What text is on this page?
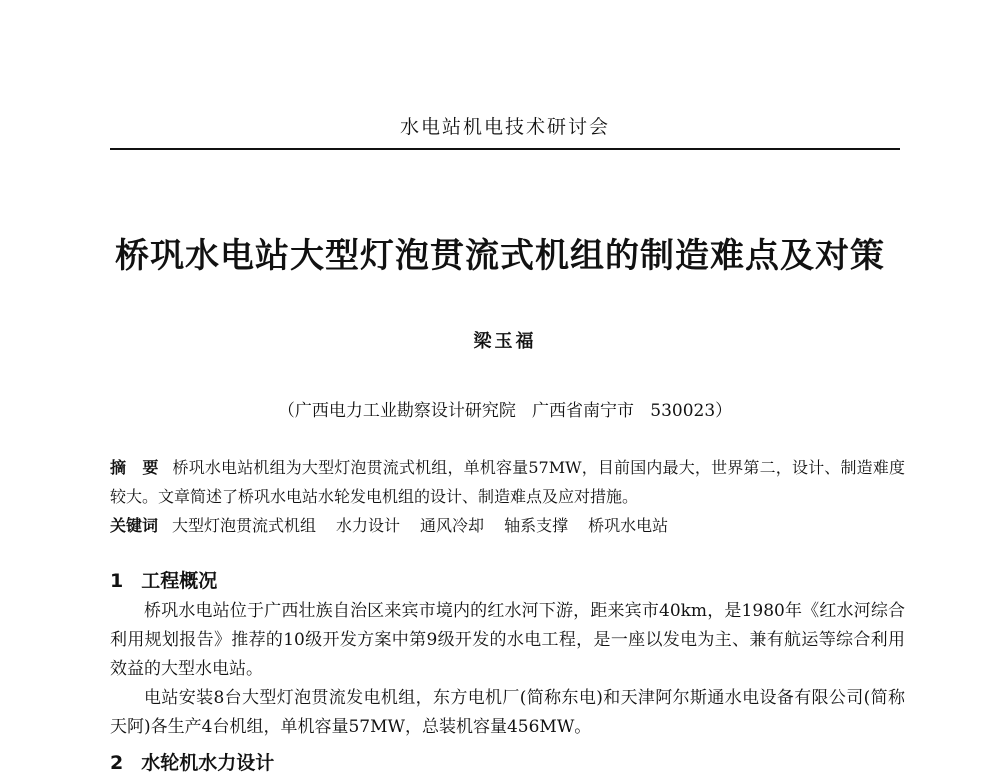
水电站机电技术研讨会
桥巩水电站大型灯泡贯流式机组的制造难点及对策
梁玉福
（广西电力工业勘察设计研究院 广西省南宁市 530023）
摘　要 桥巩水电站机组为大型灯泡贯流式机组，单机容量57MW，目前国内最大，世界第二，设计、制造难度较大。文章简述了桥巩水电站水轮发电机组的设计、制造难点及应对措施。
关键词 大型灯泡贯流式机组 水力设计 通风冷却 轴系支撑 桥巩水电站
1 工程概况
桥巩水电站位于广西壮族自治区来宾市境内的红水河下游，距来宾市40km，是1980年《红水河综合利用规划报告》推荐的10级开发方案中第9级开发的水电工程，是一座以发电为主、兼有航运等综合利用效益的大型水电站。
电站安装8台大型灯泡贯流发电机组，东方电机厂(简称东电)和天津阿尔斯通水电设备有限公司(简称天阿)各生产4台机组，单机容量57MW，总装机容量456MW。
2 水轮机水力设计
